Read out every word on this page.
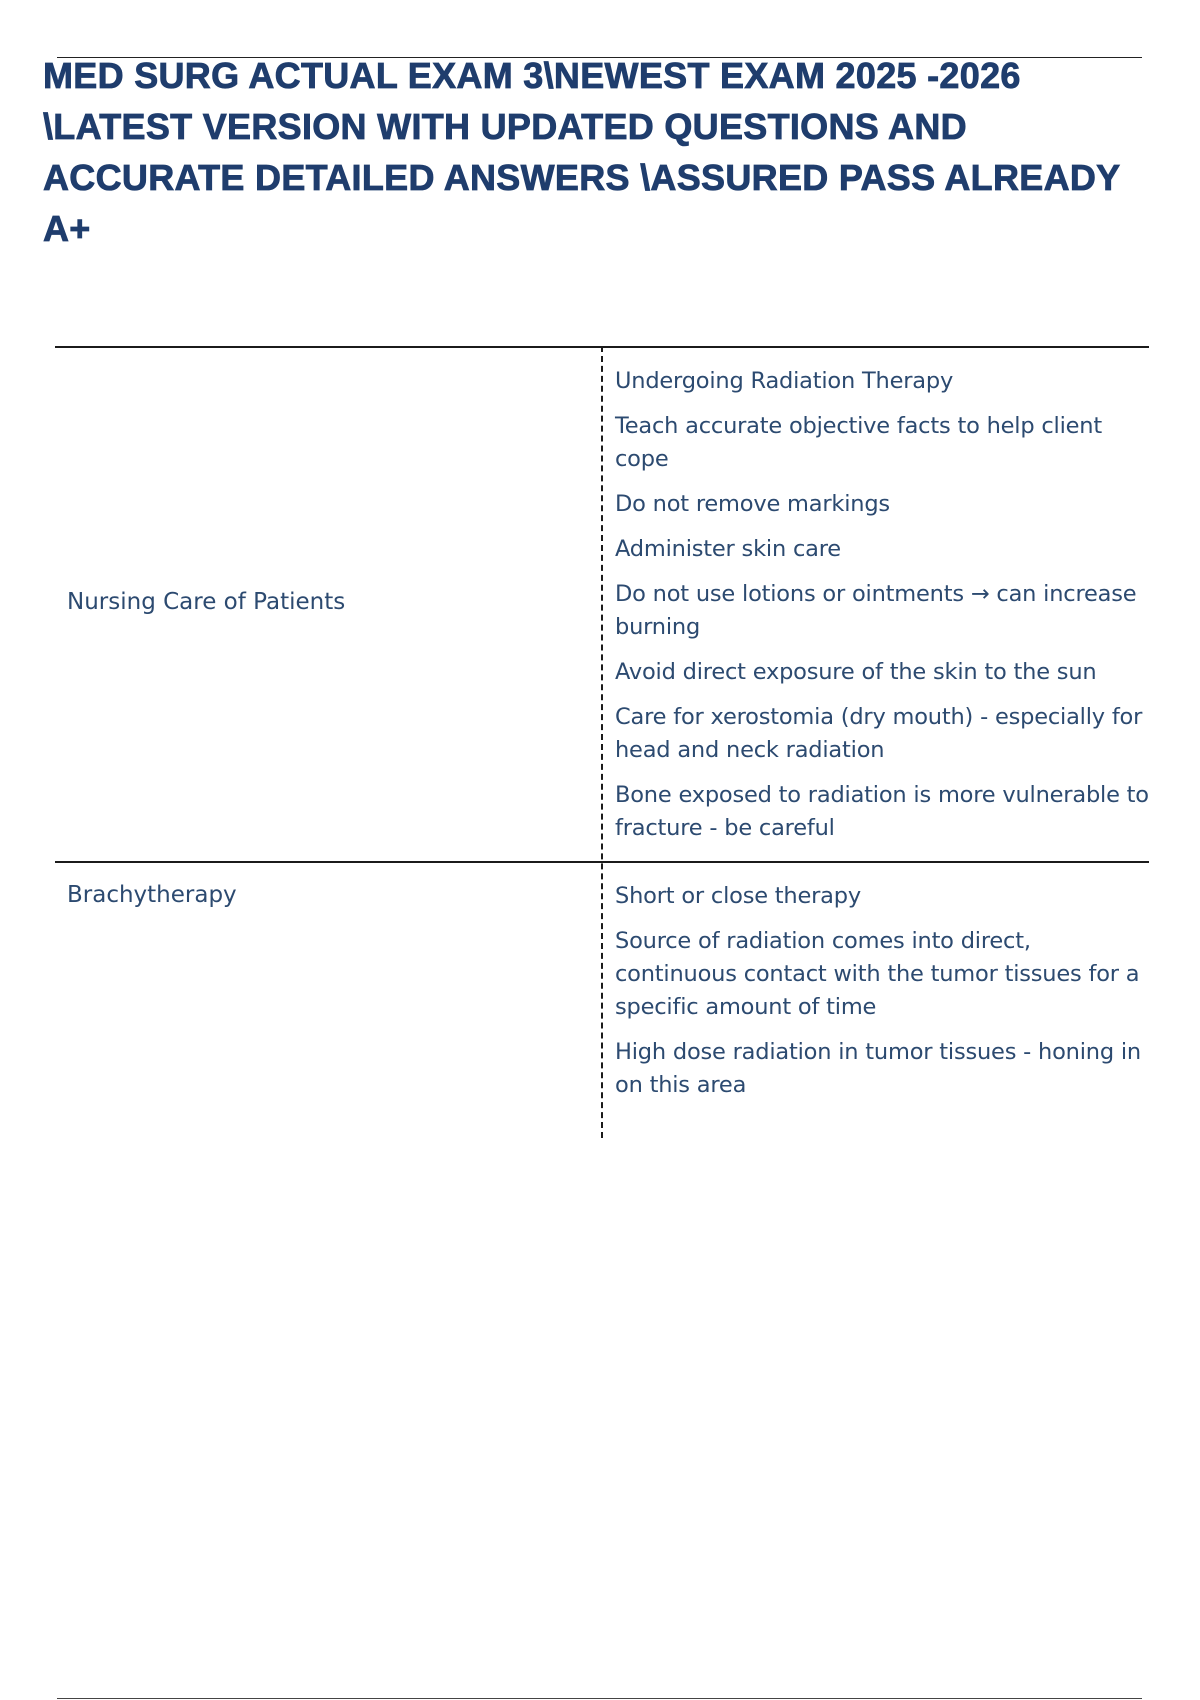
MED SURG ACTUAL EXAM 3\NEWEST EXAM 2025 -2026 \LATEST VERSION WITH UPDATED QUESTIONS AND ACCURATE DETAILED ANSWERS \ASSURED PASS ALREADY A+
Nursing Care of Patients

Undergoing Radiation Therapy

Teach accurate objective facts to help client cope

Do not remove markings

Administer skin care

Do not use lotions or ointments → can increase burning

Avoid direct exposure of the skin to the sun

Care for xerostomia (dry mouth) - especially for head and neck radiation

Bone exposed to radiation is more vulnerable to fracture - be careful

Brachytherapy	Short or close therapy

Source of radiation comes into direct, continuous contact with the tumor tissues for a specific amount of time

High dose radiation in tumor tissues - honing in on this area
